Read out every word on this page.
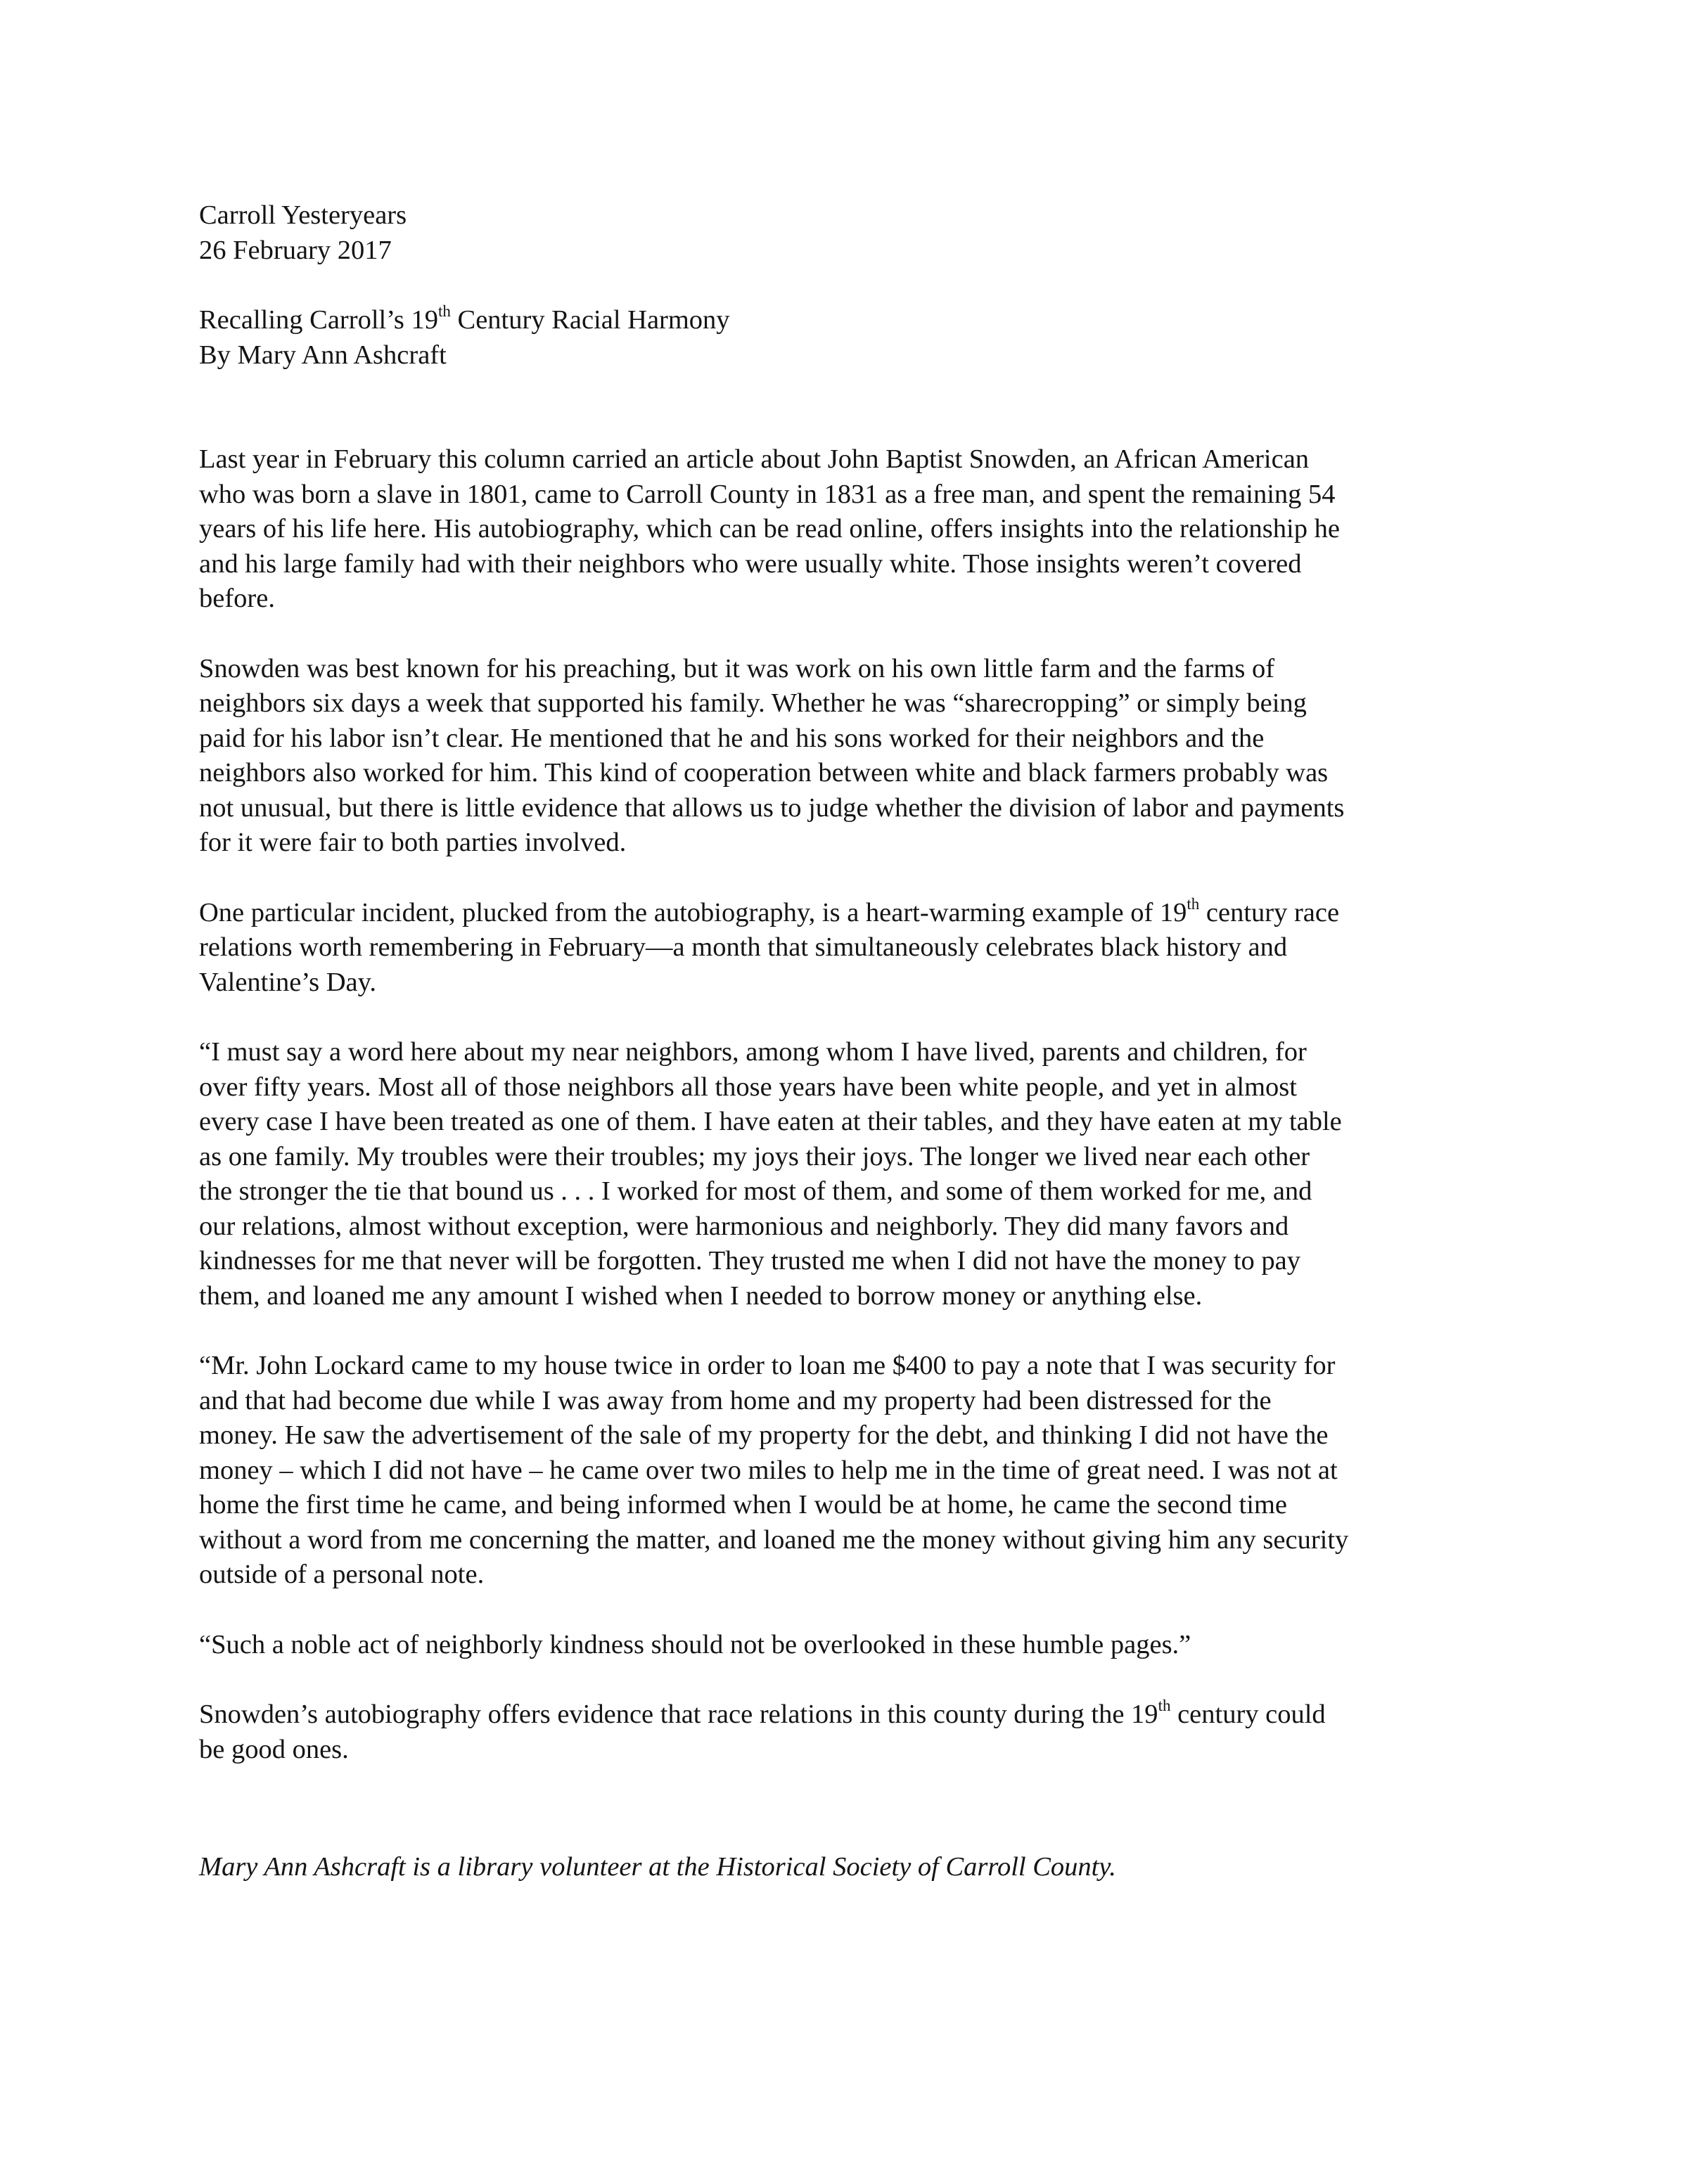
Carroll Yesteryears
26 February 2017
Recalling Carroll’s 19th Century Racial Harmony
By Mary Ann Ashcraft
Last year in February this column carried an article about John Baptist Snowden, an African American
who was born a slave in 1801, came to Carroll County in 1831 as a free man, and spent the remaining 54
years of his life here. His autobiography, which can be read online, offers insights into the relationship he
and his large family had with their neighbors who were usually white. Those insights weren’t covered
before.
Snowden was best known for his preaching, but it was work on his own little farm and the farms of
neighbors six days a week that supported his family. Whether he was “sharecropping” or simply being
paid for his labor isn’t clear. He mentioned that he and his sons worked for their neighbors and the
neighbors also worked for him. This kind of cooperation between white and black farmers probably was
not unusual, but there is little evidence that allows us to judge whether the division of labor and payments
for it were fair to both parties involved.
One particular incident, plucked from the autobiography, is a heart-warming example of 19th century race
relations worth remembering in February—a month that simultaneously celebrates black history and
Valentine’s Day.
“I must say a word here about my near neighbors, among whom I have lived, parents and children, for
over fifty years. Most all of those neighbors all those years have been white people, and yet in almost
every case I have been treated as one of them. I have eaten at their tables, and they have eaten at my table
as one family. My troubles were their troubles; my joys their joys. The longer we lived near each other
the stronger the tie that bound us . . . I worked for most of them, and some of them worked for me, and
our relations, almost without exception, were harmonious and neighborly. They did many favors and
kindnesses for me that never will be forgotten. They trusted me when I did not have the money to pay
them, and loaned me any amount I wished when I needed to borrow money or anything else.
“Mr. John Lockard came to my house twice in order to loan me $400 to pay a note that I was security for
and that had become due while I was away from home and my property had been distressed for the
money. He saw the advertisement of the sale of my property for the debt, and thinking I did not have the
money – which I did not have – he came over two miles to help me in the time of great need. I was not at
home the first time he came, and being informed when I would be at home, he came the second time
without a word from me concerning the matter, and loaned me the money without giving him any security
outside of a personal note.
“Such a noble act of neighborly kindness should not be overlooked in these humble pages.”
Snowden’s autobiography offers evidence that race relations in this county during the 19th century could
be good ones.
Mary Ann Ashcraft is a library volunteer at the Historical Society of Carroll County.
